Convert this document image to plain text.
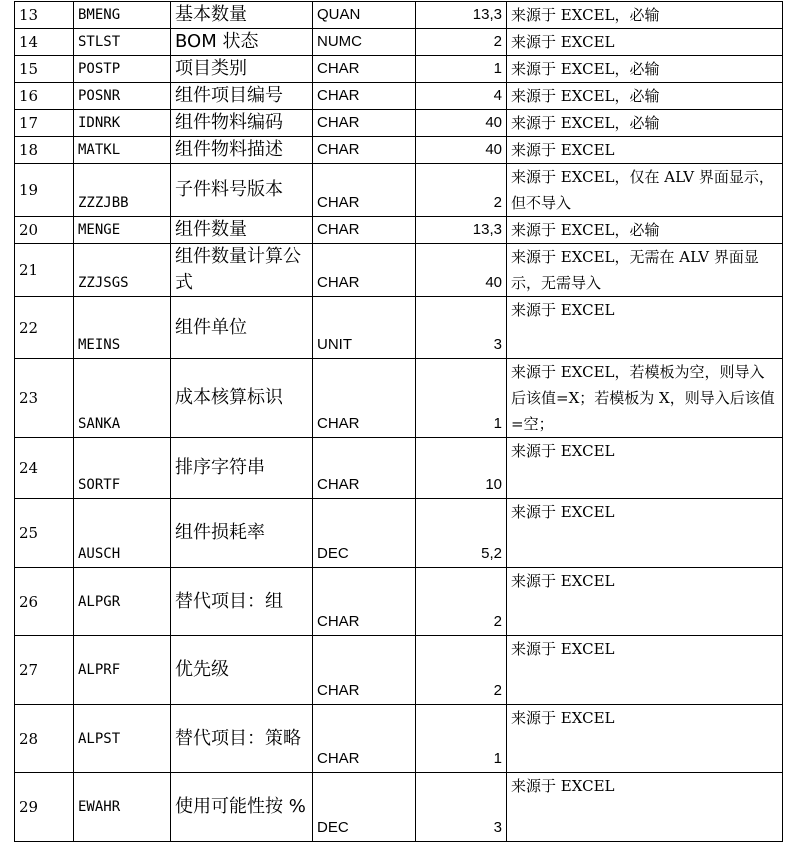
13	BMENG	基本数量	QUAN	13,3	来源于 EXCEL，必输
14	STLST	BOM 状态	NUMC	2	来源于 EXCEL
15	POSTP	项目类别	CHAR	1	来源于 EXCEL，必输
16	POSNR	组件项目编号	CHAR	4	来源于 EXCEL，必输
17	IDNRK	组件物料编码	CHAR	40	来源于 EXCEL，必输
18	MATKL	组件物料描述	CHAR	40	来源于 EXCEL
19	ZZZJBB	子件料号版本	CHAR	2	来源于 EXCEL，仅在 ALV 界面显示，但不导入
20	MENGE	组件数量	CHAR	13,3	来源于 EXCEL，必输
21	ZZJSGS	组件数量计算公式	CHAR	40	来源于 EXCEL，无需在 ALV 界面显示，无需导入
22	MEINS	组件单位	UNIT	3	来源于 EXCEL
23	SANKA	成本核算标识	CHAR	1	来源于 EXCEL，若模板为空，则导入后该值=X；若模板为 X，则导入后该值=空；
24	SORTF	排序字符串	CHAR	10	来源于 EXCEL
25	AUSCH	组件损耗率	DEC	5,2	来源于 EXCEL
26	ALPGR	替代项目：组	CHAR	2	来源于 EXCEL
27	ALPRF	优先级	CHAR	2	来源于 EXCEL
28	ALPST	替代项目：策略	CHAR	1	来源于 EXCEL
29	EWAHR	使用可能性按 %	DEC	3	来源于 EXCEL
